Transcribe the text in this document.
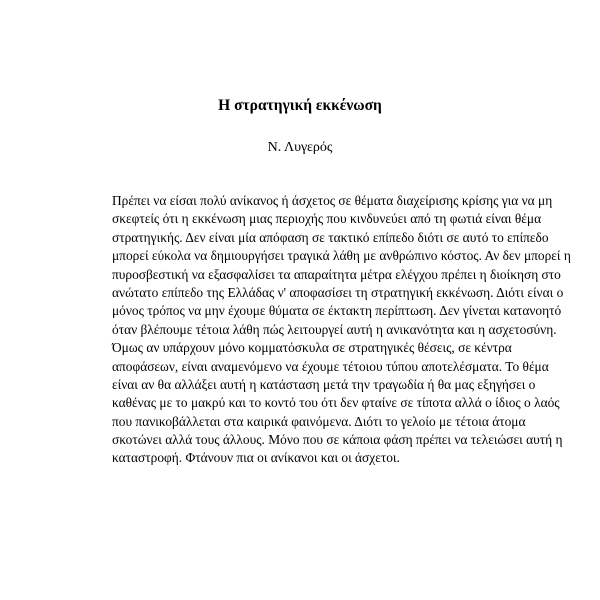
Η στρατηγική εκκένωση

Ν. Λυγερός

Πρέπει να είσαι πολύ ανίκανος ή άσχετος σε θέματα διαχείρισης κρίσης για να μη
σκεφτείς ότι η εκκένωση μιας περιοχής που κινδυνεύει από τη φωτιά είναι θέμα
στρατηγικής. Δεν είναι μία απόφαση σε τακτικό επίπεδο διότι σε αυτό το επίπεδο
μπορεί εύκολα να δημιουργήσει τραγικά λάθη με ανθρώπινο κόστος. Αν δεν μπορεί η
πυροσβεστική να εξασφαλίσει τα απαραίτητα μέτρα ελέγχου πρέπει η διοίκηση στο
ανώτατο επίπεδο της Ελλάδας ν' αποφασίσει τη στρατηγική εκκένωση. Διότι είναι ο
μόνος τρόπος να μην έχουμε θύματα σε έκτακτη περίπτωση. Δεν γίνεται κατανοητό
όταν βλέπουμε τέτοια λάθη πώς λειτουργεί αυτή η ανικανότητα και η ασχετοσύνη.
Όμως αν υπάρχουν μόνο κομματόσκυλα σε στρατηγικές θέσεις, σε κέντρα
αποφάσεων, είναι αναμενόμενο να έχουμε τέτοιου τύπου αποτελέσματα. Το θέμα
είναι αν θα αλλάξει αυτή η κατάσταση μετά την τραγωδία ή θα μας εξηγήσει ο
καθένας με το μακρύ και το κοντό του ότι δεν φταίνε σε τίποτα αλλά ο ίδιος ο λαός
που πανικοβάλλεται στα καιρικά φαινόμενα. Διότι το γελοίο με τέτοια άτομα
σκοτώνει αλλά τους άλλους. Μόνο που σε κάποια φάση πρέπει να τελειώσει αυτή η
καταστροφή. Φτάνουν πια οι ανίκανοι και οι άσχετοι.
